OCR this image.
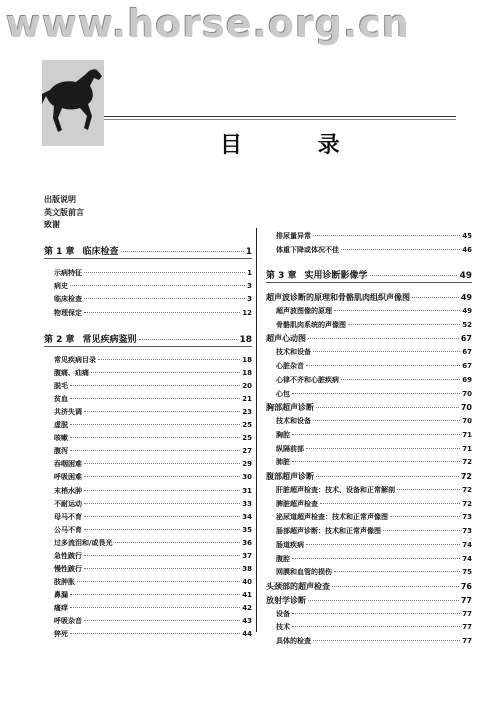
www.horse.org.cn
目 录
出版说明
英文版前言
致谢
第 1 章 临床检查	1
示病特征	1
病史	3
临床检查	3
物理保定	12
第 2 章 常见疾病鉴别	18
常见疾病目录	18
腹痛、疝痛	18
脱毛	20
贫血	21
共济失调	23
虚脱	25
咳嗽	25
腹泻	27
吞咽困难	29
呼吸困难	30
末梢水肿	31
不耐运动	33
母马不育	34
公马不育	35
过多流泪和/或畏光	36
急性跛行	37
慢性跛行	38
肢肿胀	40
鼻漏	41
瘙痒	42
呼吸杂音	43
猝死	44
排尿量异常	45
体重下降或体况不佳	46
第 3 章 实用诊断影像学	49
超声波诊断的原理和骨骼肌肉组织声像图	49
超声波图像的原理	49
骨骼肌肉系统的声像图	52
超声心动图	67
技术和设备	67
心脏杂音	67
心律不齐和心脏疾病	69
心包	70
胸部超声诊断	70
技术和设备	70
胸腔	71
纵隔前部	71
肺脏	72
腹部超声诊断	72
肝脏超声检查：技术、设备和正常解剖	72
脾脏超声检查	72
泌尿道超声检查：技术和正常声像图	73
肠部超声诊断：技术和正常声像图	73
肠道疾病	74
腹腔	74
网膜和血管的损伤	75
头颈部的超声检查	76
放射学诊断	77
设备	77
技术	77
具体的检查	77
